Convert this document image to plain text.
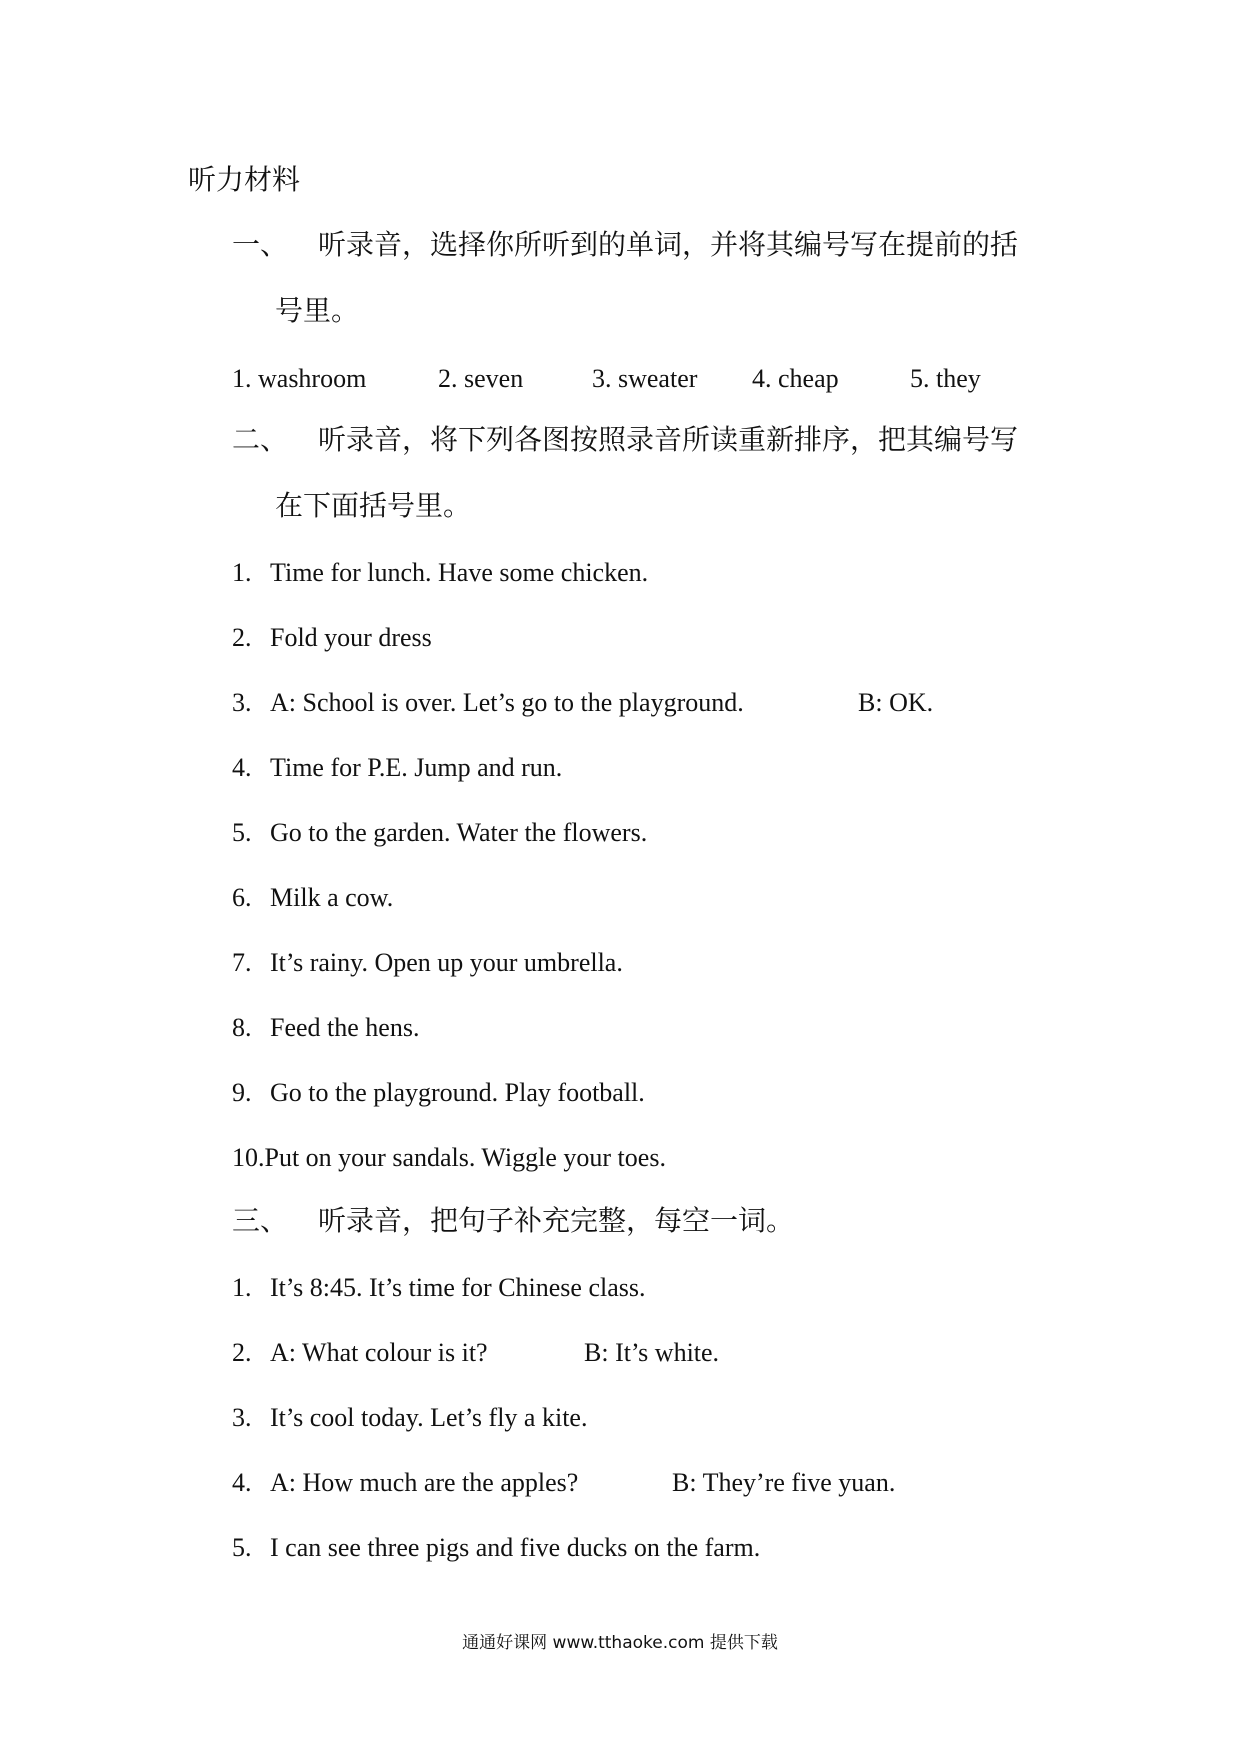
听力材料
一、 听录音，选择你所听到的单词，并将其编号写在提前的括
号里。
1. washroom	2. seven	3. sweater 4. cheap	5. they
二、 听录音，将下列各图按照录音所读重新排序，把其编号写
在下面括号里。
1. Time for lunch. Have some chicken.
2. Fold your dress
3. A: School is over. Let’s go to the playground.	B: OK.
4. Time for P.E. Jump and run.
5. Go to the garden. Water the flowers.
6. Milk a cow.
7. It’s rainy. Open up your umbrella.
8. Feed the hens.
9. Go to the playground. Play football.
10.Put on your sandals. Wiggle your toes.
三、 听录音，把句子补充完整，每空一词。
1. It’s 8:45. It’s time for Chinese class.
2. A: What colour is it?	B: It’s white.
3. It’s cool today. Let’s fly a kite.
4. A: How much are the apples?	B: They’re five yuan.
5. I can see three pigs and five ducks on the farm.
通通好课网 www.tthaoke.com 提供下载
